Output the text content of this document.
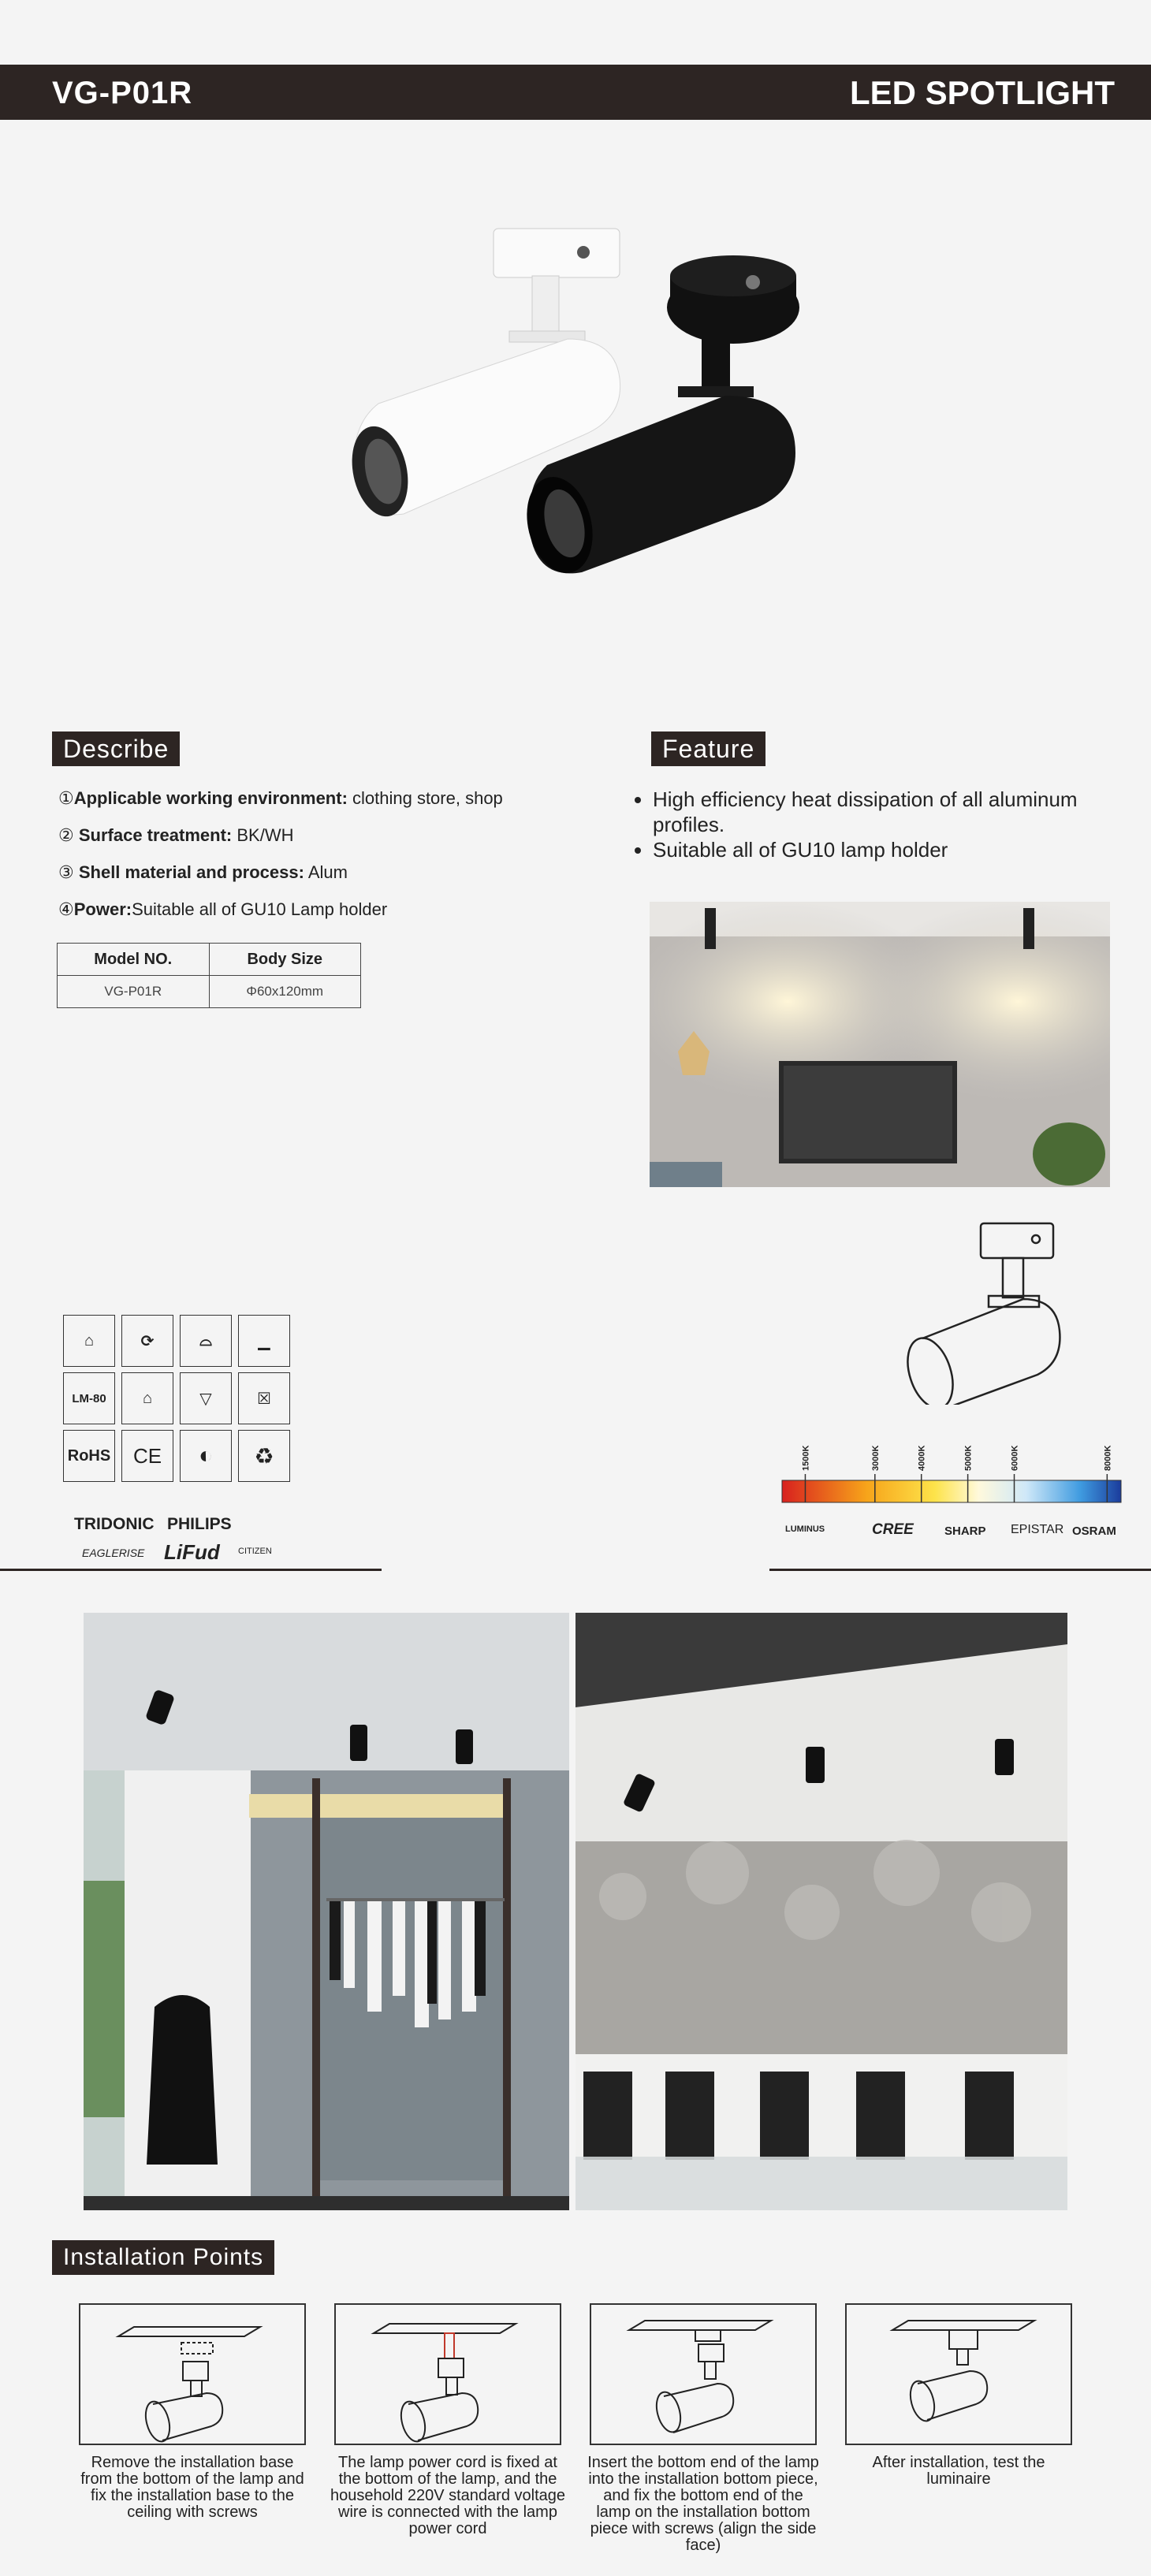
VG-P01R	LED SPOTLIGHT
Describe
①Applicable working environment: clothing store, shop
② Surface treatment: BK/WH
③ Shell material and process: Alum
④Power:Suitable all of GU10 Lamp holder
Model NO.	Body Size
VG-P01R	Φ60x120mm
Feature
• High efficiency heat dissipation of all aluminum profiles.
• Suitable all of GU10 lamp holder
⌂	⟳	⌓	▁
LM-80	⌂	▽	☒
RoHS	CE	◐	♻
TRIDONIC PHILIPS
EAGLERISE LiFud CITIZEN
1500K	3000K	4000K	5000K	6000K	8000K
LUMINUS	CREE	SHARP EPISTAR OSRAM
Installation Points
Remove the installation base from the bottom of the lamp and fix the installation base to the ceiling with screws
The lamp power cord is fixed at the bottom of the lamp, and the household 220V standard voltage wire is connected with the lamp power cord
Insert the bottom end of the lamp into the installation bottom piece, and fix the bottom end of the lamp on the installation bottom piece with screws (align the side face)
After installation, test the luminaire
